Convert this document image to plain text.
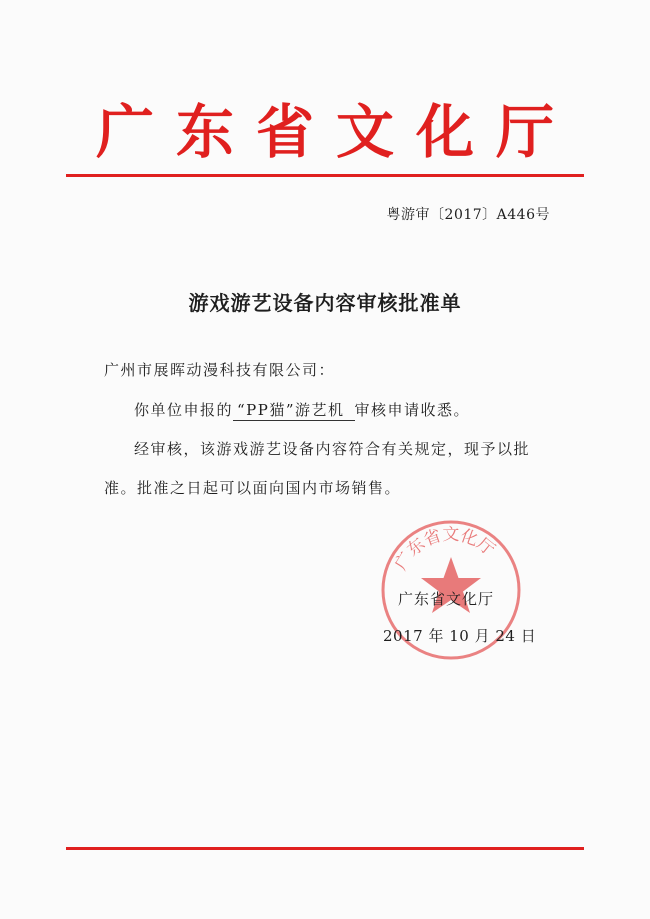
广东省文化厅
粤游审〔2017〕A446号
游戏游艺设备内容审核批准单
广州市展晖动漫科技有限公司：
你单位申报的 “PP猫”游艺机 审核申请收悉。
经审核，该游戏游艺设备内容符合有关规定，现予以批
准。批准之日起可以面向国内市场销售。
广东省文化厅
广东省文化厅
2017 年 10 月 24 日
